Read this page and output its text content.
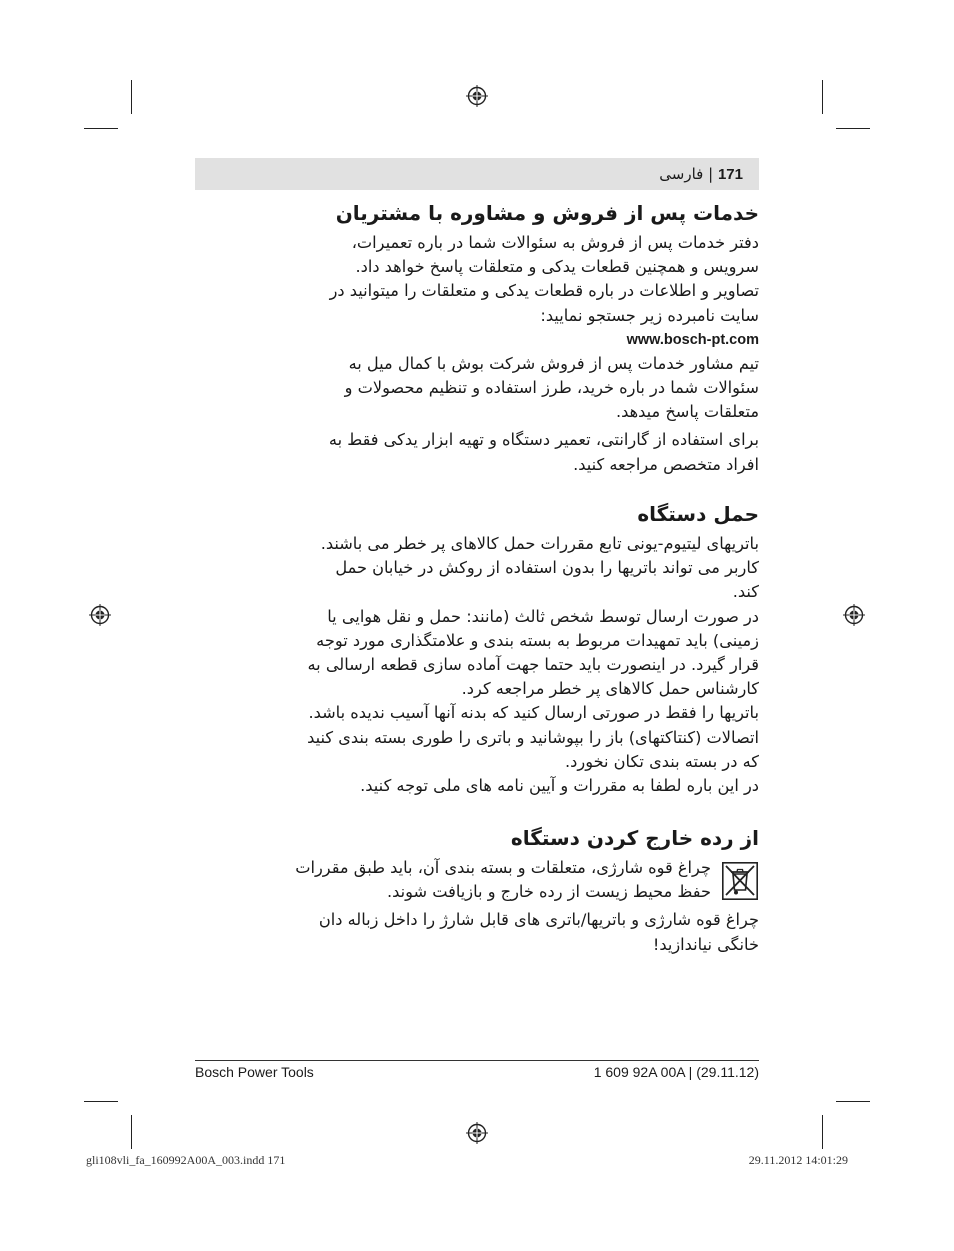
171 | فارسی
خدمات پس از فروش و مشاوره با مشتریان

دفتر خدمات پس از فروش به سئوالات شما در باره تعمیرات،
سرویس و همچنین قطعات یدکی و متعلقات پاسخ خواهد داد.
تصاویر و اطلاعات در باره قطعات یدکی و متعلقات را میتوانید در
سایت نامبرده زیر جستجو نمایید:

www.bosch-pt.com

تیم مشاور خدمات پس از فروش شرکت بوش با کمال میل به
سئوالات شما در باره خرید، طرز استفاده و تنظیم محصولات و
متعلقات پاسخ میدهد.

برای استفاده از گارانتی، تعمیر دستگاه و تهیه ابزار یدکی فقط به
افراد متخصص مراجعه کنید.

حمل دستگاه

باتریهای لیتیوم-یونی تابع مقررات حمل کالاهای پر خطر می باشند.
کاربر می تواند باتریها را بدون استفاده از روکش در خیابان حمل
کند.

در صورت ارسال توسط شخص ثالث (مانند: حمل و نقل هوایی یا
زمینی) باید تمهیدات مربوط به بسته بندی و علامتگذاری مورد توجه
قرار گیرد. در اینصورت باید حتما جهت آماده سازی قطعه ارسالی به
کارشناس حمل کالاهای پر خطر مراجعه کرد.

باتریها را فقط در صورتی ارسال کنید که بدنه آنها آسیب ندیده باشد.
اتصالات (کنتاکتهای) باز را بپوشانید و باتری را طوری بسته بندی کنید
که در بسته بندی تکان نخورد.
در این باره لطفا به مقررات و آیین نامه های ملی توجه کنید.

از رده خارج کردن دستگاه

چراغ قوه شارژی، متعلقات و بسته بندی آن، باید طبق مقررات
حفظ محیط زیست از رده خارج و بازیافت شوند.

چراغ قوه شارژی و باتریها/باتری های قابل شارژ را داخل زباله دان
خانگی نیاندازید!

Bosch Power Tools	1 609 92A 00A | (29.11.12)
gli108vli_fa_160992A00A_003.indd 171	29.11.2012 14:01:29
